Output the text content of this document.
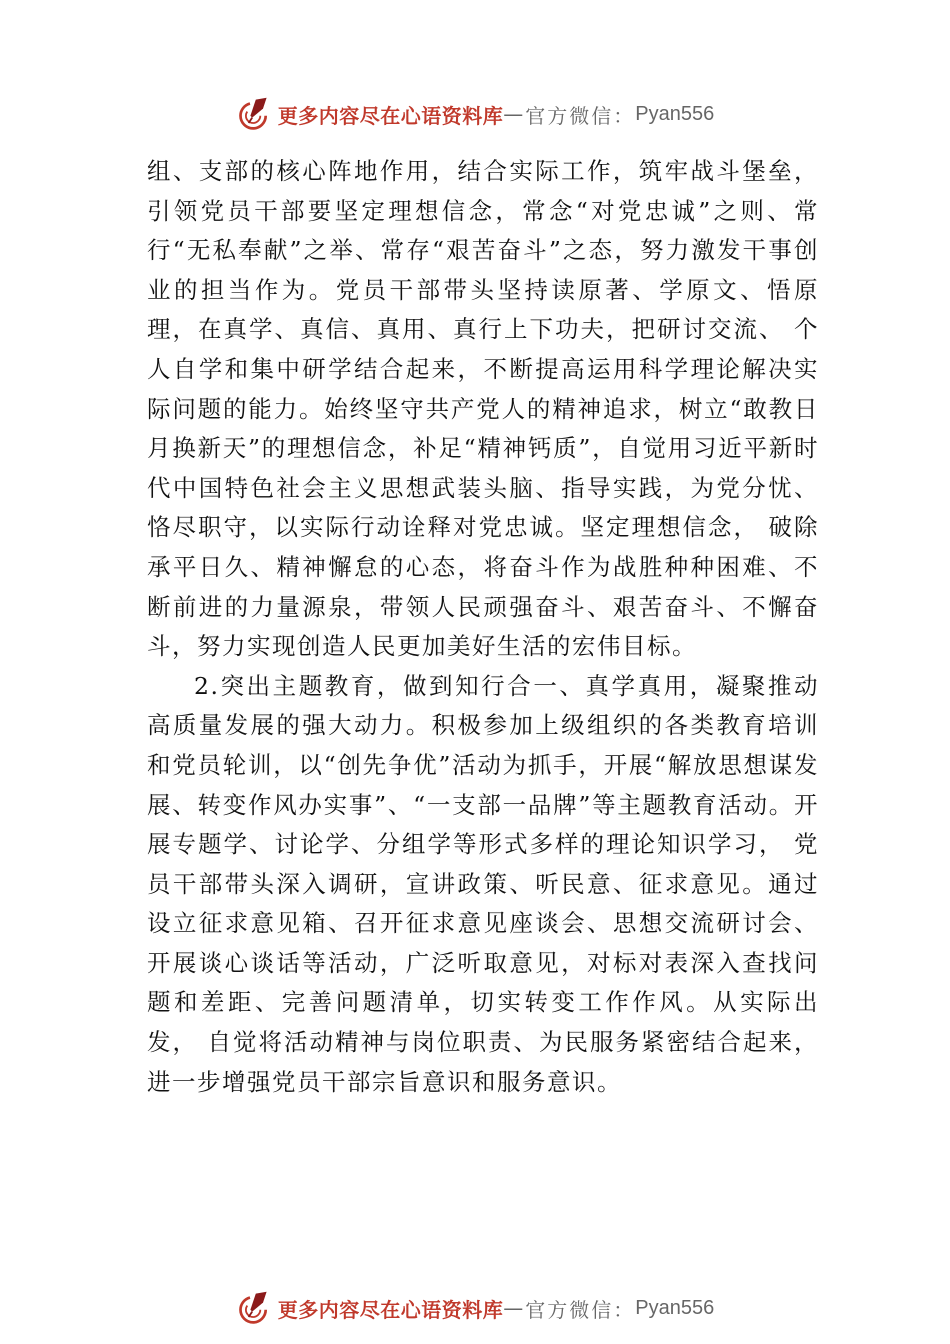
更多内容尽在心语资料库 — 官方微信： Pyan556

组、支部的核心阵地作用，结合实际工作，筑牢战斗堡垒， 引领党员干部要坚定理想信念，常念“对党忠诚”之则、常行“无私奉献”之举、常存“艰苦奋斗”之态，努力激发干事创业的担当作为。党员干部带头坚持读原著、学原文、悟原理，在真学、真信、真用、真行上下功夫，把研讨交流、 个人自学和集中研学结合起来，不断提高运用科学理论解决实际问题的能力。始终坚守共产党人的精神追求，树立“敢教日月换新天”的理想信念，补足“精神钙质”，自觉用习近平新时代中国特色社会主义思想武装头脑、指导实践，为党分忧、恪尽职守，以实际行动诠释对党忠诚。坚定理想信念， 破除承平日久、精神懈怠的心态，将奋斗作为战胜种种困难、不断前进的力量源泉，带领人民顽强奋斗、艰苦奋斗、不懈奋斗，努力实现创造人民更加美好生活的宏伟目标。

2.突出主题教育，做到知行合一、真学真用，凝聚推动高质量发展的强大动力。积极参加上级组织的各类教育培训和党员轮训，以“创先争优”活动为抓手，开展“解放思想谋发展、转变作风办实事”、“一支部一品牌”等主题教育活动。开展专题学、讨论学、分组学等形式多样的理论知识学习， 党员干部带头深入调研，宣讲政策、听民意、征求意见。通过设立征求意见箱、召开征求意见座谈会、思想交流研讨会、开展谈心谈话等活动，广泛听取意见，对标对表深入查找问题和差距、完善问题清单，切实转变工作作风。从实际出发， 自觉将活动精神与岗位职责、为民服务紧密结合起来，进一步增强党员干部宗旨意识和服务意识。

更多内容尽在心语资料库 — 官方微信： Pyan556
